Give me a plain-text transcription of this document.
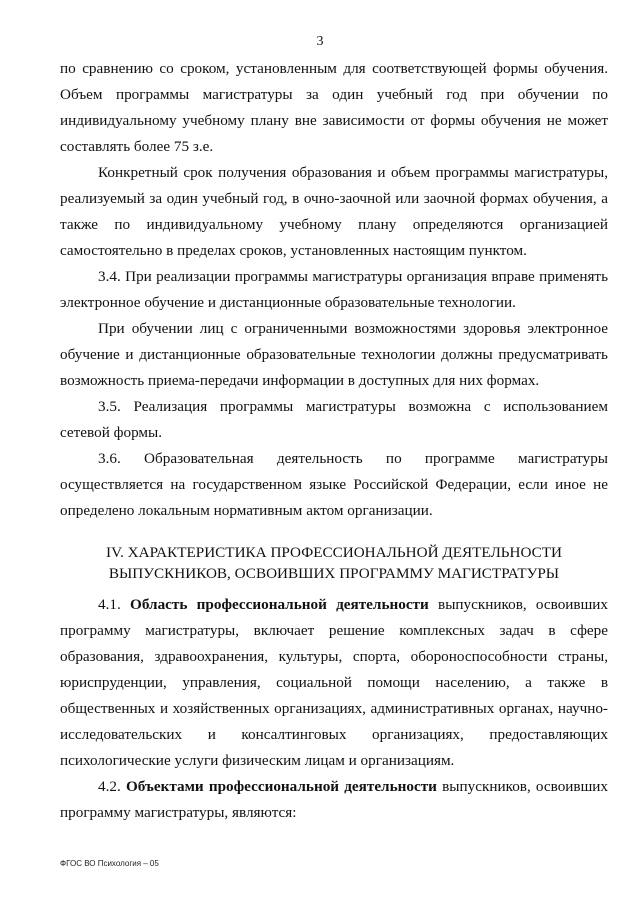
3

по сравнению со сроком, установленным для соответствующей формы обучения. Объем программы магистратуры за один учебный год при обучении по индивидуальному учебному плану вне зависимости от формы обучения не может составлять более 75 з.е.

Конкретный срок получения образования и объем программы магистратуры, реализуемый за один учебный год, в очно-заочной или заочной формах обучения, а также по индивидуальному учебному плану определяются организацией самостоятельно в пределах сроков, установленных настоящим пунктом.

3.4. При реализации программы магистратуры организация вправе применять электронное обучение и дистанционные образовательные технологии.

При обучении лиц с ограниченными возможностями здоровья электронное обучение и дистанционные образовательные технологии должны предусматривать возможность приема-передачи информации в доступных для них формах.

3.5. Реализация программы магистратуры возможна с использованием сетевой формы.

3.6. Образовательная деятельность по программе магистратуры осуществляется на государственном языке Российской Федерации, если иное не определено локальным нормативным актом организации.

IV. ХАРАКТЕРИСТИКА ПРОФЕССИОНАЛЬНОЙ ДЕЯТЕЛЬНОСТИ
ВЫПУСКНИКОВ, ОСВОИВШИХ ПРОГРАММУ МАГИСТРАТУРЫ

4.1. Область профессиональной деятельности выпускников, освоивших программу магистратуры, включает решение комплексных задач в сфере образования, здравоохранения, культуры, спорта, обороноспособности страны, юриспруденции, управления, социальной помощи населению, а также в общественных и хозяйственных организациях, административных органах, научно-исследовательских и консалтинговых организациях, предоставляющих психологические услуги физическим лицам и организациям.

4.2. Объектами профессиональной деятельности выпускников, освоивших программу магистратуры, являются:

ФГОС ВО Психология – 05
